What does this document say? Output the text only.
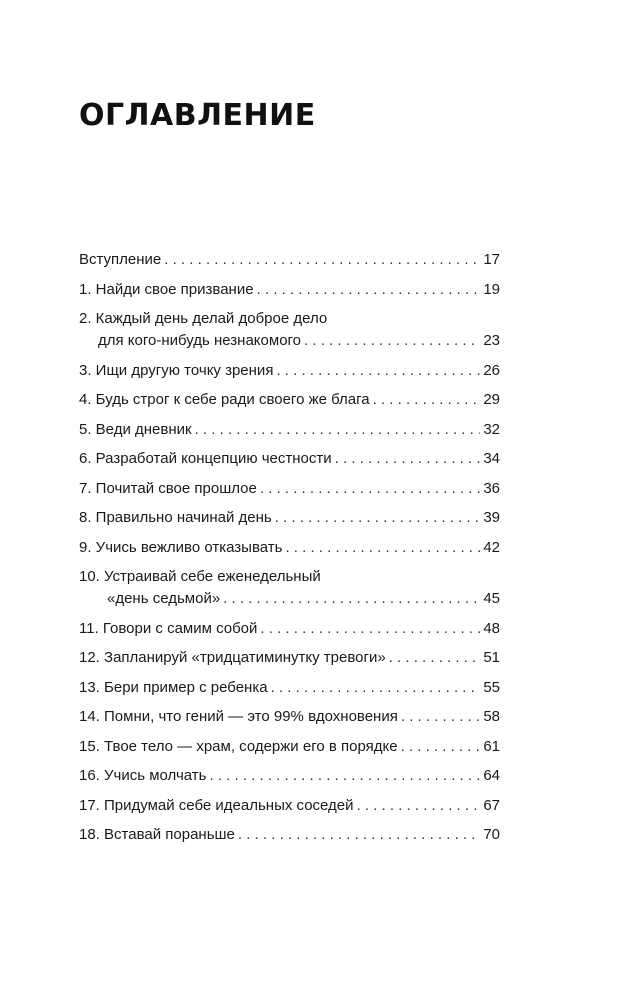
ОГЛАВЛЕНИЕ
Вступление . . .	17
1. Найди свое призвание . . .	19
2. Каждый день делай доброе дело
для кого-нибудь незнакомого . . .	23
3. Ищи другую точку зрения . . .	26
4. Будь строг к себе ради своего же блага . . .	29
5. Веди дневник . . .	32
6. Разработай концепцию честности . . .	34
7. Почитай свое прошлое . . .	36
8. Правильно начинай день . . .	39
9. Учись вежливо отказывать . . .	42
10. Устраивай себе еженедельный
«день седьмой» . . .	45
11. Говори с самим собой . . .	48
12. Запланируй «тридцатиминутку тревоги» . . .	51
13. Бери пример с ребенка . . .	55
14. Помни, что гений — это 99% вдохновения . . .	58
15. Твое тело — храм, содержи его в порядке . . .	61
16. Учись молчать . . .	64
17. Придумай себе идеальных соседей . . .	67
18. Вставай пораньше . . .	70
